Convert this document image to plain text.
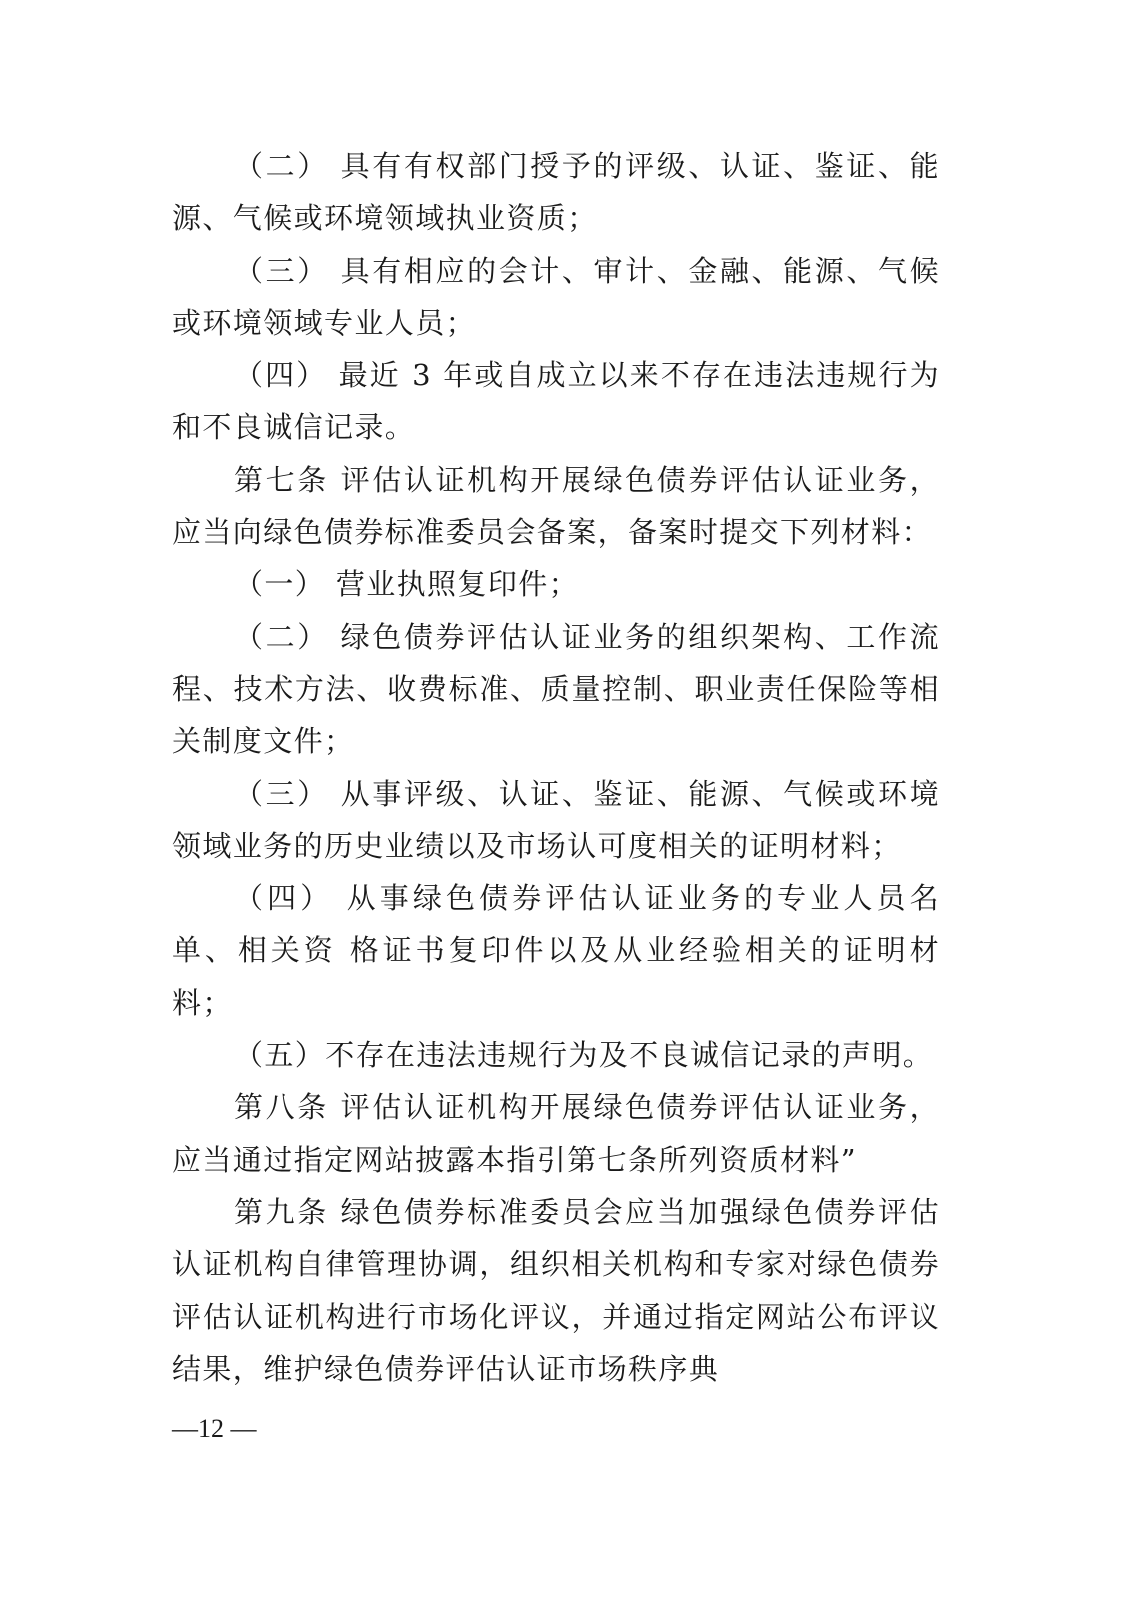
（二） 具有有权部门授予的评级、认证、鉴证、能源、气候或环境领域执业资质；

（三） 具有相应的会计、审计、金融、能源、气候或环境领域专业人员；

（四） 最近 3 年或自成立以来不存在违法违规行为和不良诚信记录。

第七条 评估认证机构开展绿色债券评估认证业务，应当向绿色债券标准委员会备案，备案时提交下列材料：

（一） 营业执照复印件；

（二） 绿色债券评估认证业务的组织架构、工作流程、技术方法、收费标准、质量控制、职业责任保险等相关制度文件；

（三） 从事评级、认证、鉴证、能源、气候或环境领域业务的历史业绩以及市场认可度相关的证明材料；

（四） 从事绿色债券评估认证业务的专业人员名单、相关资 格证书复印件以及从业经验相关的证明材料；

（五）不存在违法违规行为及不良诚信记录的声明。

第八条 评估认证机构开展绿色债券评估认证业务，应当通过指定网站披露本指引第七条所列资质材料”

第九条 绿色债券标准委员会应当加强绿色债券评估认证机构自律管理协调，组织相关机构和专家对绿色债券评估认证机构进行市场化评议，并通过指定网站公布评议结果，维护绿色债券评估认证市场秩序典

—12 —
